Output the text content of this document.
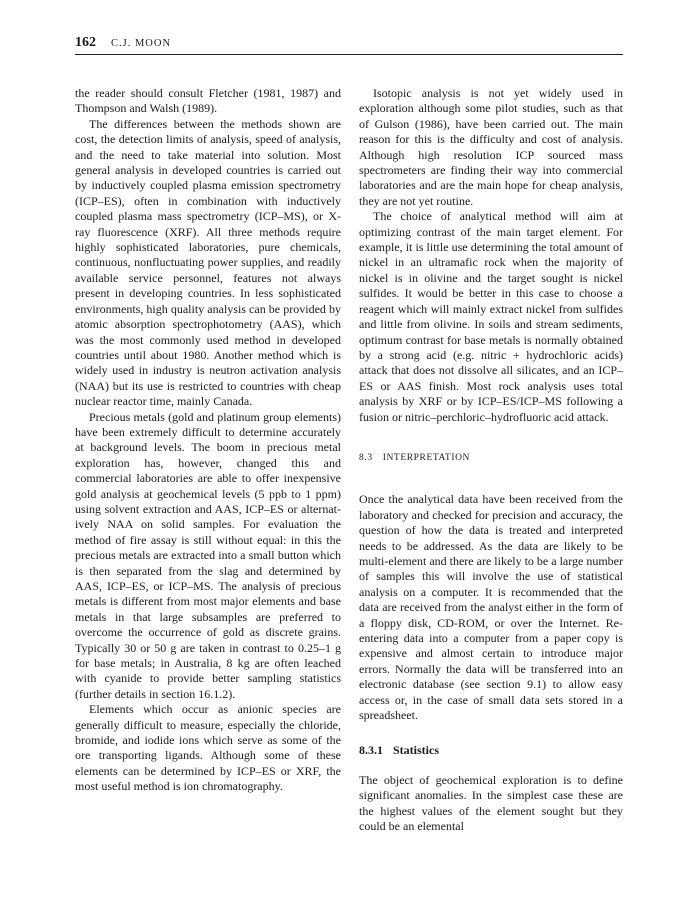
162 C.J. MOON

the reader should consult Fletcher (1981, 1987) and Thompson and Walsh (1989).

The differences between the methods shown are cost, the detection limits of analysis, speed of analysis, and the need to take material into solution. Most general analysis in developed countries is carried out by inductively coupled plasma emission spectrometry (ICP–ES), often in combination with inductively coupled plasma mass spectrometry (ICP–MS), or X-ray fluorescence (XRF). All three methods require highly sophisticated laboratories, pure chemicals, continuous, nonfluctuating power supplies, and readily available service personnel, features not always present in developing countries. In less sophisticated environments, high quality analysis can be provided by atomic absorption spectrophotometry (AAS), which was the most commonly used method in developed countries until about 1980. Another method which is widely used in industry is neutron activation analysis (NAA) but its use is restricted to countries with cheap nuclear reactor time, mainly Canada.

Precious metals (gold and platinum group elements) have been extremely difficult to determine accurately at background levels. The boom in precious metal exploration has, however, changed this and commercial laboratories are able to offer inexpensive gold analysis at geochemical levels (5 ppb to 1 ppm) using solvent extraction and AAS, ICP–ES or alternatively NAA on solid samples. For evaluation the method of fire assay is still without equal: in this the precious metals are extracted into a small button which is then separated from the slag and determined by AAS, ICP–ES, or ICP–MS. The analysis of precious metals is different from most major elements and base metals in that large subsamples are preferred to overcome the occurrence of gold as discrete grains. Typically 30 or 50 g are taken in contrast to 0.25–1 g for base metals; in Australia, 8 kg are often leached with cyanide to provide better sampling statistics (further details in section 16.1.2).

Elements which occur as anionic species are generally difficult to measure, especially the chloride, bromide, and iodide ions which serve as some of the ore transporting ligands. Although some of these elements can be determined by ICP–ES or XRF, the most useful method is ion chromatography.

Isotopic analysis is not yet widely used in exploration although some pilot studies, such as that of Gulson (1986), have been carried out. The main reason for this is the difficulty and cost of analysis. Although high resolution ICP sourced mass spectrometers are finding their way into commercial laboratories and are the main hope for cheap analysis, they are not yet routine.

The choice of analytical method will aim at optimizing contrast of the main target element. For example, it is little use determining the total amount of nickel in an ultramafic rock when the majority of nickel is in olivine and the target sought is nickel sulfides. It would be better in this case to choose a reagent which will mainly extract nickel from sulfides and little from olivine. In soils and stream sediments, optimum contrast for base metals is normally obtained by a strong acid (e.g. nitric + hydrochloric acids) attack that does not dissolve all silicates, and an ICP–ES or AAS finish. Most rock analysis uses total analysis by XRF or by ICP–ES/ICP–MS following a fusion or nitric–perchloric–hydrofluoric acid attack.

8.3 INTERPRETATION

Once the analytical data have been received from the laboratory and checked for precision and accuracy, the question of how the data is treated and interpreted needs to be addressed. As the data are likely to be multi-element and there are likely to be a large number of samples this will involve the use of statistical analysis on a computer. It is recommended that the data are received from the analyst either in the form of a floppy disk, CD-ROM, or over the Internet. Re-entering data into a computer from a paper copy is expensive and almost certain to introduce major errors. Normally the data will be transferred into an electronic database (see section 9.1) to allow easy access or, in the case of small data sets stored in a spreadsheet.

8.3.1 Statistics

The object of geochemical exploration is to define significant anomalies. In the simplest case these are the highest values of the element sought but they could be an elemental
